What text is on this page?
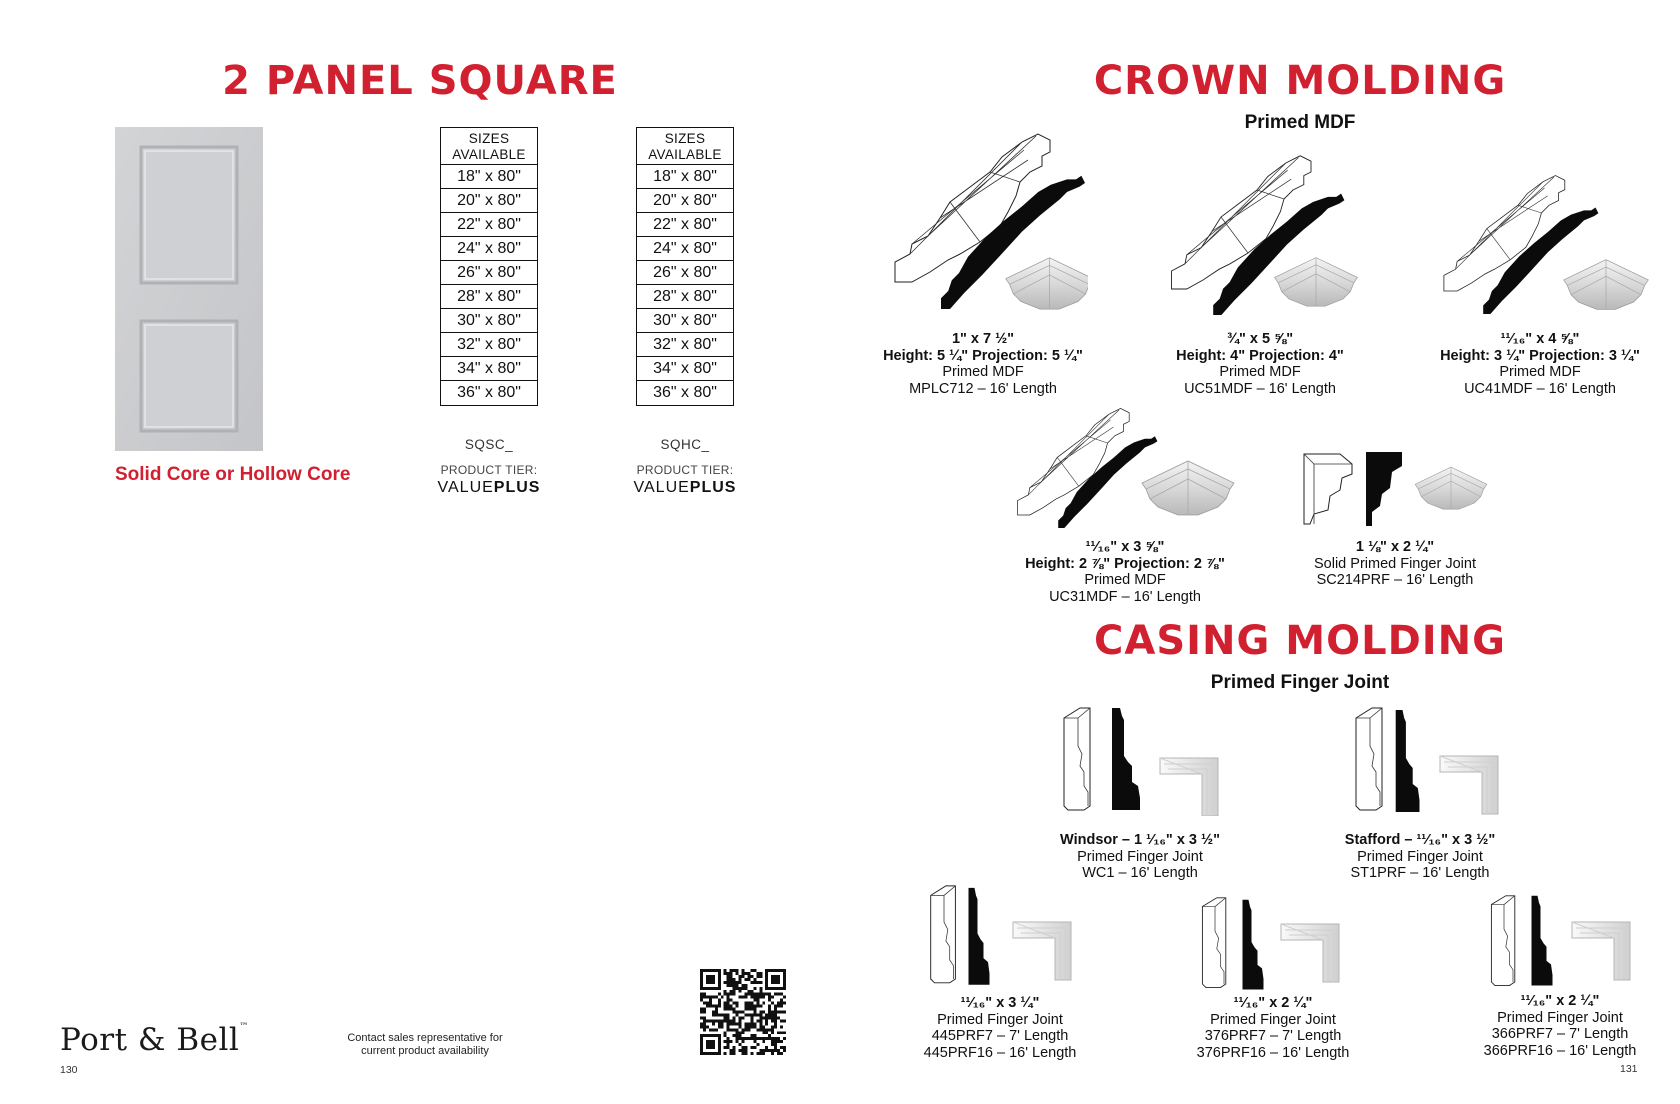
2 PANEL SQUARE
Solid Core or Hollow Core
SIZES
AVAILABLE
18" x 80"
20" x 80"
22" x 80"
24" x 80"
26" x 80"
28" x 80"
30" x 80"
32" x 80"
34" x 80"
36" x 80"
SQSC_
PRODUCT TIER:
VALUEPLUS
SIZES
AVAILABLE
18" x 80"
20" x 80"
22" x 80"
24" x 80"
26" x 80"
28" x 80"
30" x 80"
32" x 80"
34" x 80"
36" x 80"
SQHC_
PRODUCT TIER:
VALUEPLUS
Port & Bell™
Contact sales representative for
current product availability
130
CROWN MOLDING
Primed MDF
1" x 7 ½"
Height: 5 ¼" Projection: 5 ¼"
Primed MDF
MPLC712 – 16' Length
¾" x 5 ⅝"
Height: 4" Projection: 4"
Primed MDF
UC51MDF – 16' Length
¹¹⁄₁₆" x 4 ⅝"
Height: 3 ¼" Projection: 3 ¼"
Primed MDF
UC41MDF – 16' Length
¹¹⁄₁₆" x 3 ⅝"
Height: 2 ⅞" Projection: 2 ⅞"
Primed MDF
UC31MDF – 16' Length
1 ⅛" x 2 ¼"
Solid Primed Finger Joint
SC214PRF – 16' Length
CASING MOLDING
Primed Finger Joint
Windsor – 1 ¹⁄₁₆" x 3 ½"
Primed Finger Joint
WC1 – 16' Length
Stafford – ¹¹⁄₁₆" x 3 ½"
Primed Finger Joint
ST1PRF – 16' Length
¹¹⁄₁₆" x 3 ¼"
Primed Finger Joint
445PRF7 – 7' Length
445PRF16 – 16' Length
¹¹⁄₁₆" x 2 ¼"
Primed Finger Joint
376PRF7 – 7' Length
376PRF16 – 16' Length
¹¹⁄₁₆" x 2 ¼"
Primed Finger Joint
366PRF7 – 7' Length
366PRF16 – 16' Length
131
